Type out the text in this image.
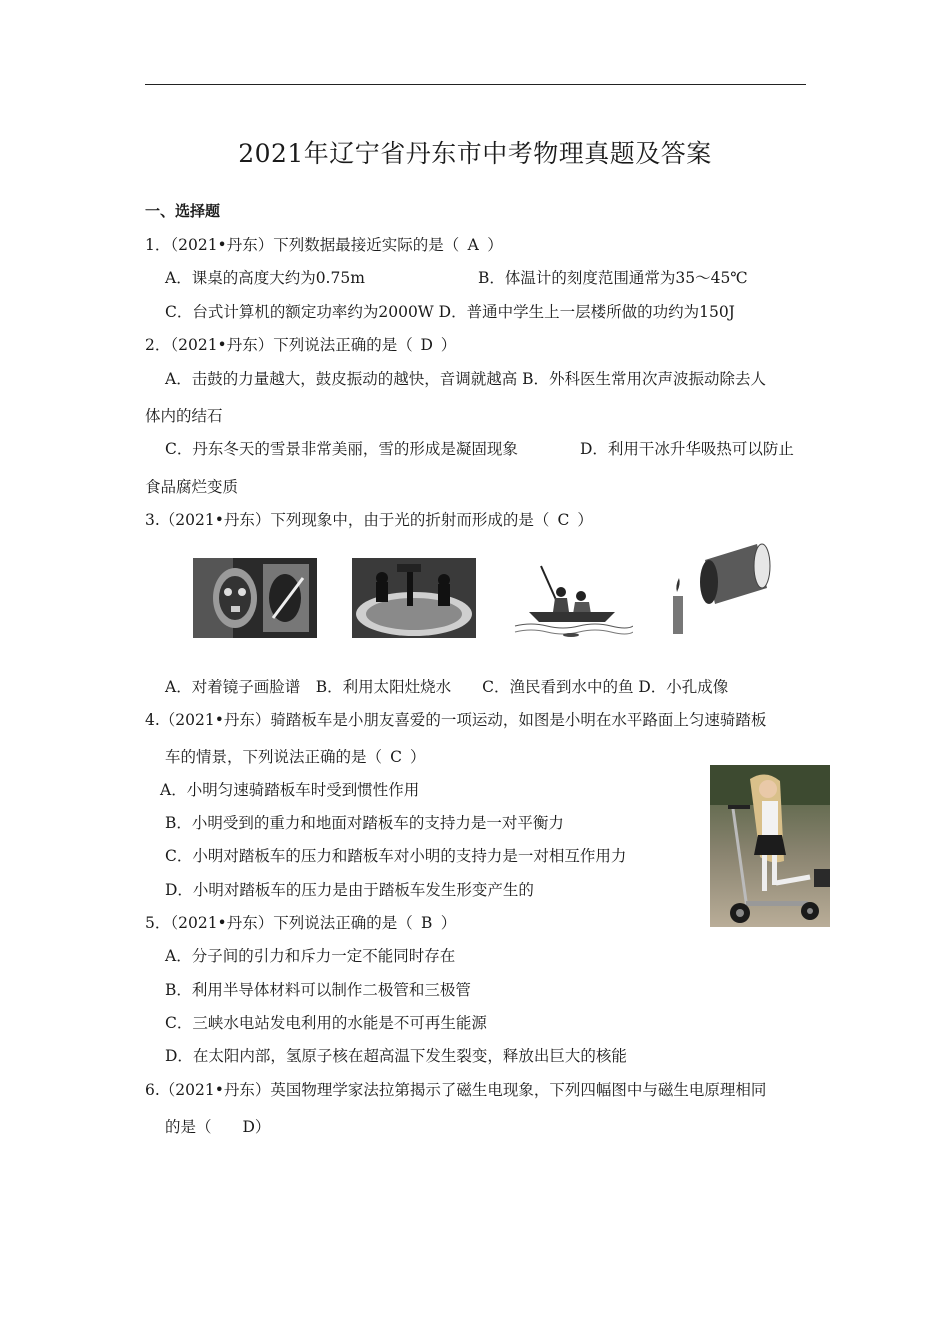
2021年辽宁省丹东市中考物理真题及答案
一、选择题
1．（2021•丹东）下列数据最接近实际的是（ A ）
A．课桌的高度大约为0.75m	B．体温计的刻度范围通常为35～45℃
C．台式计算机的额定功率约为2000W D．普通中学生上一层楼所做的功约为150J
2．（2021•丹东）下列说法正确的是（ D ）
A．击鼓的力量越大，鼓皮振动的越快，音调就越高 B．外科医生常用次声波振动除去人
体内的结石
C．丹东冬天的雪景非常美丽，雪的形成是凝固现象	D．利用干冰升华吸热可以防止
食品腐烂变质
3.（2021•丹东）下列现象中，由于光的折射而形成的是（ C ）
A．对着镜子画脸谱　B．利用太阳灶烧水　　C．渔民看到水中的鱼 D．小孔成像
4.（2021•丹东）骑踏板车是小朋友喜爱的一项运动，如图是小明在水平路面上匀速骑踏板
车的情景，下列说法正确的是（ C ）
A．小明匀速骑踏板车时受到惯性作用
B．小明受到的重力和地面对踏板车的支持力是一对平衡力
C．小明对踏板车的压力和踏板车对小明的支持力是一对相互作用力
D．小明对踏板车的压力是由于踏板车发生形变产生的
5．（2021•丹东）下列说法正确的是（ B ）
A．分子间的引力和斥力一定不能同时存在
B．利用半导体材料可以制作二极管和三极管
C．三峡水电站发电利用的水能是不可再生能源
D．在太阳内部，氢原子核在超高温下发生裂变，释放出巨大的核能
6.（2021•丹东）英国物理学家法拉第揭示了磁生电现象，下列四幅图中与磁生电原理相同
的是（　　D）
